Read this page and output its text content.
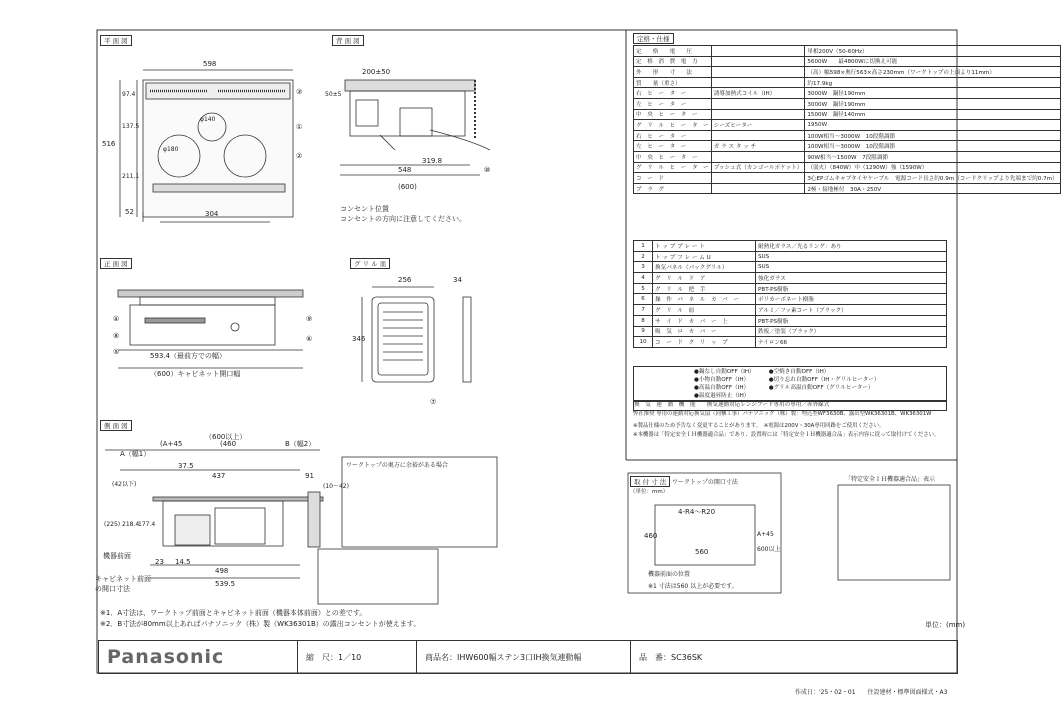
平 面 図	背 面 図
正 面 図	グ リ ル 皿
側 面 図
定格・仕様
取 付 寸 法	「特定安全ＩＨ機器適合品」表示
598
516
97.4
137.5
211.1
52	304
φ140
φ180
③
①
②
200±50
50±5
319.8
548
(600)
⑩
コンセント位置
コンセントの方向に注意してください。
593.4（最前方での幅）
（600）キャビネット開口幅
④
⑧
⑤
⑨
⑥
256	34
346
⑦
（600以上）
A（幅1）
(A+45	(460	B（幅2）
37.5
437	91
(10～42)
(42以下)
(225) 218.4
177.4
23 14.5
498
539.5
機器前面
キャビネット前面
の開口寸法
ワークトップの奥方に余裕がある場合
定　　格　　電　　圧		単相200V（50-60Hz）
定　格　消　費　電　力		5600W　　最4800Wに切換え可能
外　　形　　寸　　法		（高）幅598×奥行563×高さ230mm（ワークトップの上面より11mm）
質　　量（重さ）		約17.9kg
右　ヒ　ー　タ　ー	誘導加熱式コイル（IH）	3000W　鍋径190mm
左　ヒ　ー　タ　ー		3000W　鍋径190mm
中　央　ヒ　ー　タ　ー		1500W　鍋径140mm
グ　リ　ル　ヒ　ー　タ　ー	シーズヒーター	1950W
右　ヒ　ー　タ　ー		100W相当～3000W　10段階調節
左　ヒ　ー　タ　ー	ガ ラ ス タ ッ チ	100W相当～3000W　10段階調節
中　央　ヒ　ー　タ　ー		90W相当～1500W　7段階調節
グ　リ　ル　ヒ　ー　タ　ー	プッシュ式（カンゴールポケット）	（弱火）（840W）中（1290W）強（1590W）
コ　ー　ド		3心EPゴムキャブタイヤケーブル　電源コード長さ約0.9m（コードクリップより先端まで約0.7m）
プ　ラ　グ		2極・接地極付　30A・250V
1	ト ッ プ プ レ ー ト	耐熱化ガラス／光るリング：あり
2	ト ッ プ フ レ ー ム U	SUS
3	換気パネル（バックグリル）	SUS
4	グ　リ　ル　ド　ア	強化ガラス
5	グ　リ　ル　把　手	PBT-PS樹脂
6	操　作　パ　ネ　ル　カ　バ　ー	ポリカーボネート樹脂
7	グ　リ　ル　皿	アルミ／フッ素コート（ブラック）
8	サ　イ　ド　カ　バ　ー　上	PBT-PS樹脂
9	吸　気　ロ　カ　バ　ー	鉄板／塗装（ブラック）
10	コ　ー　ド　ク　リ　ッ　プ	ナイロン66
●鍋なし自動OFF（IH）　　　●空焼き自動OFF（IH）
●小物自動OFF（IH）　　　　●切り忘れ自動OFF（IH・グリルヒーター）
●高温自動OFF（IH）　　　　●グリル高温自動OFF（グリルヒーター）
●温度過昇防止（IH）
換　気　連　動　機　能　　 換気連動対応レンジフード専用の専用／赤外線式
弊社推奨 専用の連動対応換気扇（同梱工事）パナソニック（株）製：埋込型WF3630B、露出型WK36301B、WK36301W
※製品仕様のため予告なく変更することがあります。　※電源は200V・30A専用回路をご使用ください。
※本機器は「特定安全ＩＨ機器適合品」であり、設置時には「特定安全ＩＨ機器適合品」表示内容に従って取付けてください。
ワークトップの開口寸法
（単位：mm）
4-R4～R20
460
560
A+45
600以上
機器前面の位置
※1 寸法は560 以上が必要です。
※1．A寸法は、ワークトップ前面とキャビネット前面（機器本体前面）との差です。
※2．B寸法が80mm以上あればパナソニック（株）製（WK36301B）の露出コンセントが使えます。	単位：(mm)
Panasonic	縮　尺：1／10	商品名：IHW600幅ステン3口IH換気連動幅	品　番：SC36SK
作成日：'25・02・01　　住設建材・標準図面様式・A3
